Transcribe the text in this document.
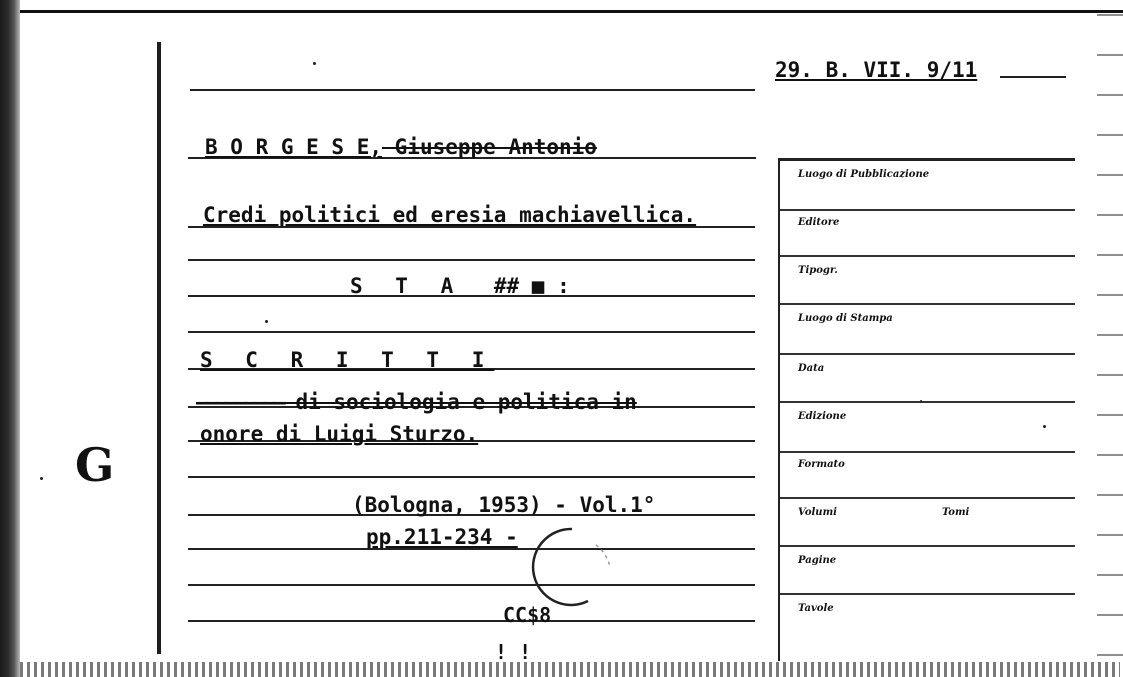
29. B. VII. 9/11
G
B O R G E S E, Giuseppe Antonio
Credi politici ed eresia machiavellica.
S T A ## ■ :
S C R I T T I
————————— di sociologia e politica in
onore di Luigi Sturzo.
(Bologna, 1953) - Vol.1°
pp.211-234 -
CC$8
! !
Luogo di Pubblicazione
Editore
Tipogr.
Luogo di Stampa
Data
Edizione
Formato
Volumi	Tomi
Pagine
Tavole
